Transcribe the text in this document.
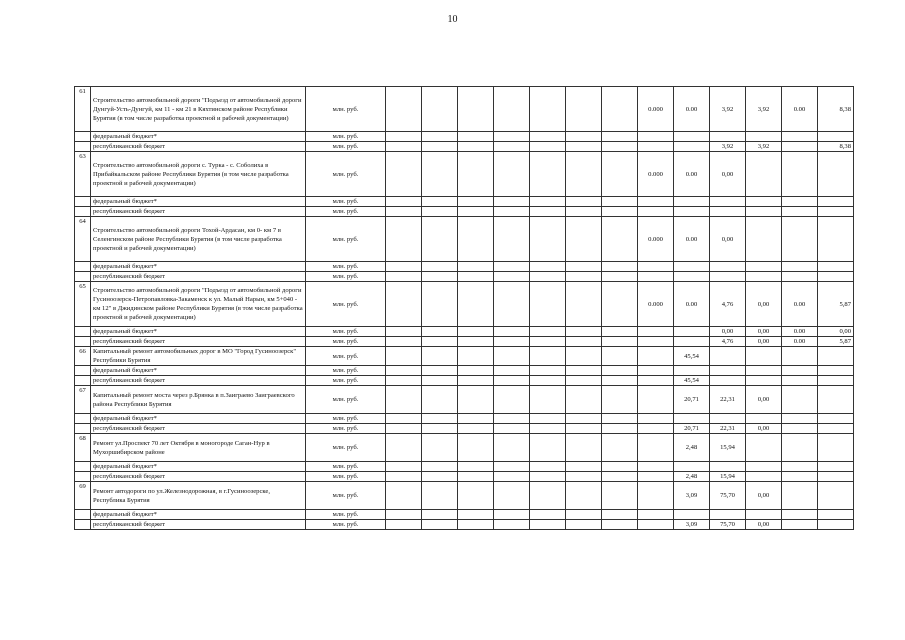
10
61	Строительство автомобильной дороги "Подъезд от автомобильной дороги Дунгуй-Усть-Дунгуй, км 11 - км 21 в Кяхтинском районе Республики Бурятия (в том числе разработка проектной и рабочей документации)	млн. руб.								0.000	0.00	3,92	3,92	0.00	8,38
	федеральный бюджет*	млн. руб.													
	республиканский бюджет	млн. руб.										3,92	3,92		8,38
63	Строительство автомобильной дороги с. Турка - с. Соболиха в Прибайкальском районе Республики Бурятия (в том числе разработка проектной и рабочей документации)	млн. руб.								0.000	0.00	0,00			
	федеральный бюджет*	млн. руб.													
	республиканский бюджет	млн. руб.													
64	Строительство автомобильной дороги Тохой-Ардасан, км 0- км 7 в Селенгинском районе Республики Бурятия (в том числе разработка проектной и рабочей документации)	млн. руб.								0.000	0.00	0,00			
	федеральный бюджет*	млн. руб.													
	республиканский бюджет	млн. руб.													
65	Строительство автомобильной дороги "Подъезд от автомобильной дороги Гусиноозерск-Петропавловка-Закаменск к ул. Малый Нарын, км 5+040 - км 12" в Джидинском районе Республики Бурятия (в том числе разработка проектной и рабочей документации)	млн. руб.								0.000	0.00	4,76	0,00	0.00	5,87
	федеральный бюджет*	млн. руб.										0,00	0,00	0.00	0,00
	республиканский бюджет	млн. руб.										4,76	0,00	0.00	5,87
66	Капитальный ремонт автомобильных дорог в МО "Город Гусиноозерск" Республики Бурятия	млн. руб.									45,54				
	федеральный бюджет*	млн. руб.													
	республиканский бюджет	млн. руб.									45,54				
67	Капитальный ремонт моста через р.Брянка в п.Заиграево Заиграевского района Республики Бурятия	млн. руб.									20,71	22,31	0,00		
	федеральный бюджет*	млн. руб.													
	республиканский бюджет	млн. руб.									20,71	22,31	0,00		
68	Ремонт ул.Проспект 70 лет Октября в моногороде Саган-Нур в Мухоршибирском районе	млн. руб.									2,48	15,94			
	федеральный бюджет*	млн. руб.													
	республиканский бюджет	млн. руб.									2,48	15,94			
69	Ремонт автодороги по ул.Железнодорожная, в г.Гусиноозерске, Республика Бурятия	млн. руб.									3,09	75,70	0,00		
	федеральный бюджет*	млн. руб.													
	республиканский бюджет	млн. руб.									3,09	75,70	0,00		
